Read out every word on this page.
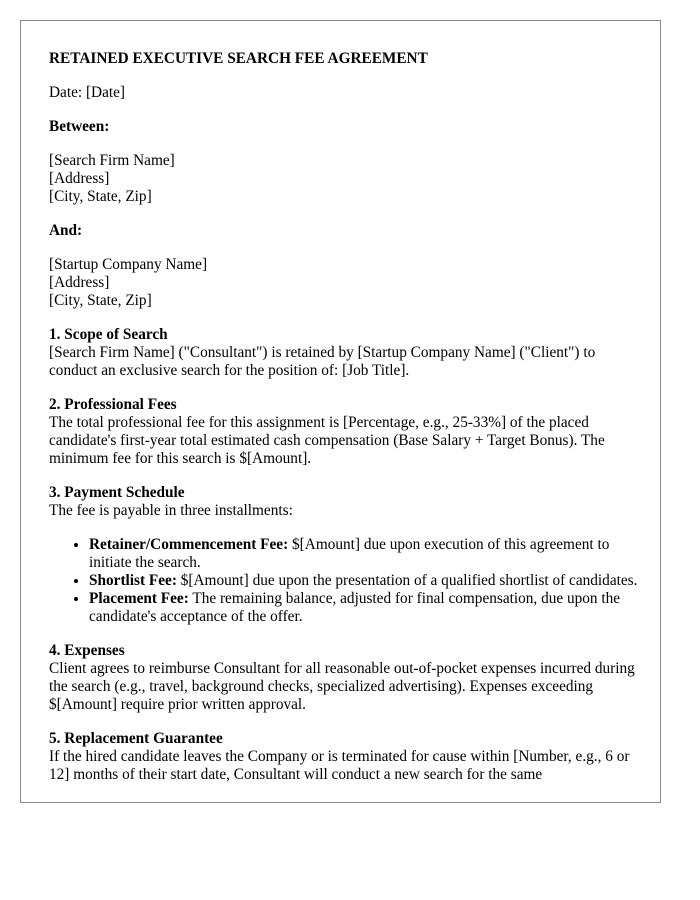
RETAINED EXECUTIVE SEARCH FEE AGREEMENT

Date: [Date]

Between:

[Search Firm Name]
[Address]
[City, State, Zip]

And:

[Startup Company Name]
[Address]
[City, State, Zip]

1. Scope of Search
[Search Firm Name] ("Consultant") is retained by [Startup Company Name] ("Client") to conduct an exclusive search for the position of: [Job Title].

2. Professional Fees
The total professional fee for this assignment is [Percentage, e.g., 25-33%] of the placed candidate's first-year total estimated cash compensation (Base Salary + Target Bonus). The minimum fee for this search is $[Amount].

3. Payment Schedule
The fee is payable in three installments:
• Retainer/Commencement Fee: $[Amount] due upon execution of this agreement to initiate the search.
• Shortlist Fee: $[Amount] due upon the presentation of a qualified shortlist of candidates.
• Placement Fee: The remaining balance, adjusted for final compensation, due upon the candidate's acceptance of the offer.

4. Expenses
Client agrees to reimburse Consultant for all reasonable out-of-pocket expenses incurred during the search (e.g., travel, background checks, specialized advertising). Expenses exceeding $[Amount] require prior written approval.

5. Replacement Guarantee
If the hired candidate leaves the Company or is terminated for cause within [Number, e.g., 6 or 12] months of their start date, Consultant will conduct a new search for the same
